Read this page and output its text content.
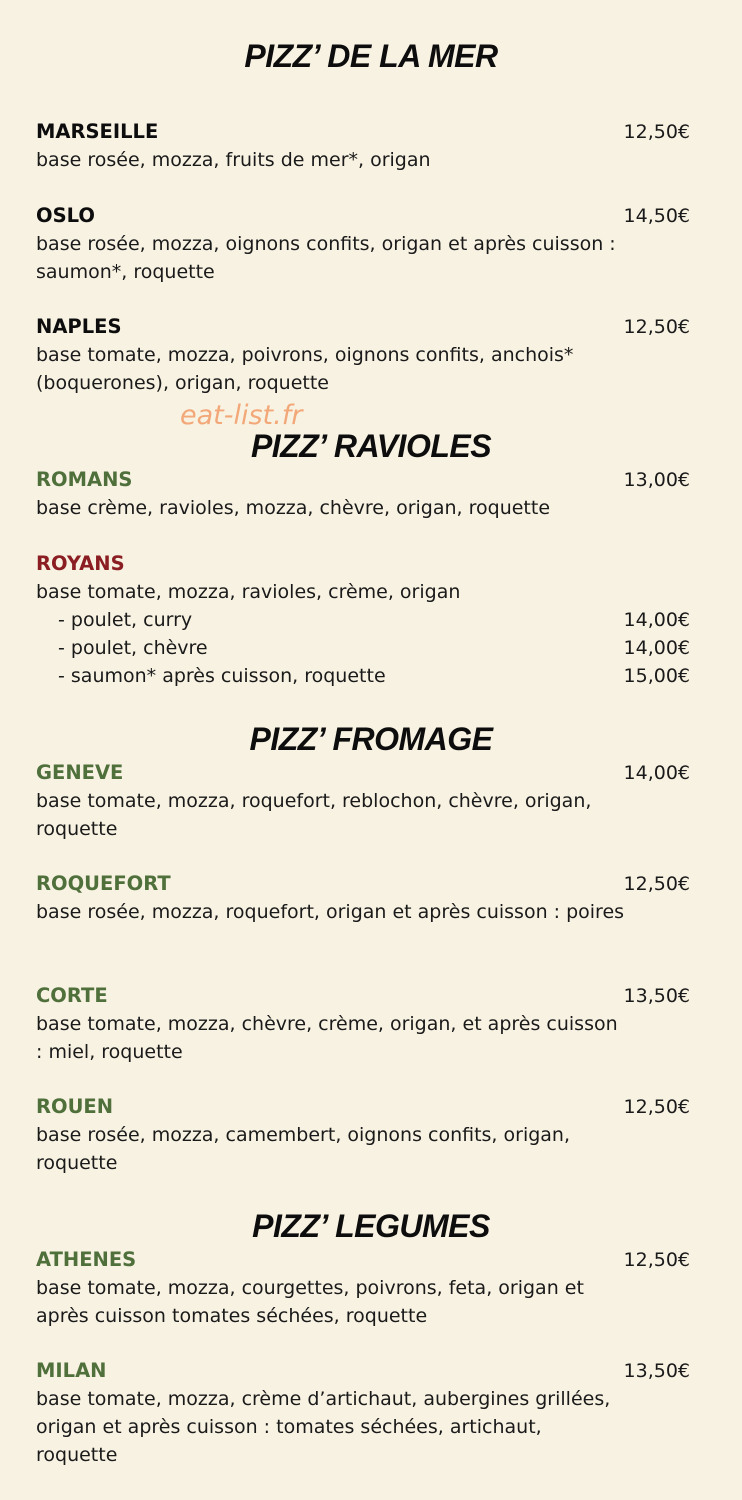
PIZZ’ DE LA MER
MARSEILLE	12,50€
base rosée, mozza, fruits de mer*, origan
OSLO	14,50€
base rosée, mozza, oignons confits, origan et après cuisson : saumon*, roquette
NAPLES	12,50€
base tomate, mozza, poivrons, oignons confits, anchois* (boquerones), origan, roquette
eat-list.fr
PIZZ’ RAVIOLES
ROMANS	13,00€
base crème, ravioles, mozza, chèvre, origan, roquette
ROYANS
base tomate, mozza, ravioles, crème, origan
- poulet, curry	14,00€
- poulet, chèvre	14,00€
- saumon* après cuisson, roquette	15,00€
PIZZ’ FROMAGE
GENEVE	14,00€
base tomate, mozza, roquefort, reblochon, chèvre, origan, roquette
ROQUEFORT	12,50€
base rosée, mozza, roquefort, origan et après cuisson : poires
CORTE	13,50€
base tomate, mozza, chèvre, crème, origan, et après cuisson : miel, roquette
ROUEN	12,50€
base rosée, mozza, camembert, oignons confits, origan, roquette
PIZZ’ LEGUMES
ATHENES	12,50€
base tomate, mozza, courgettes, poivrons, feta, origan et après cuisson tomates séchées, roquette
MILAN	13,50€
base tomate, mozza, crème d’artichaut, aubergines grillées, origan et après cuisson : tomates séchées, artichaut, roquette
